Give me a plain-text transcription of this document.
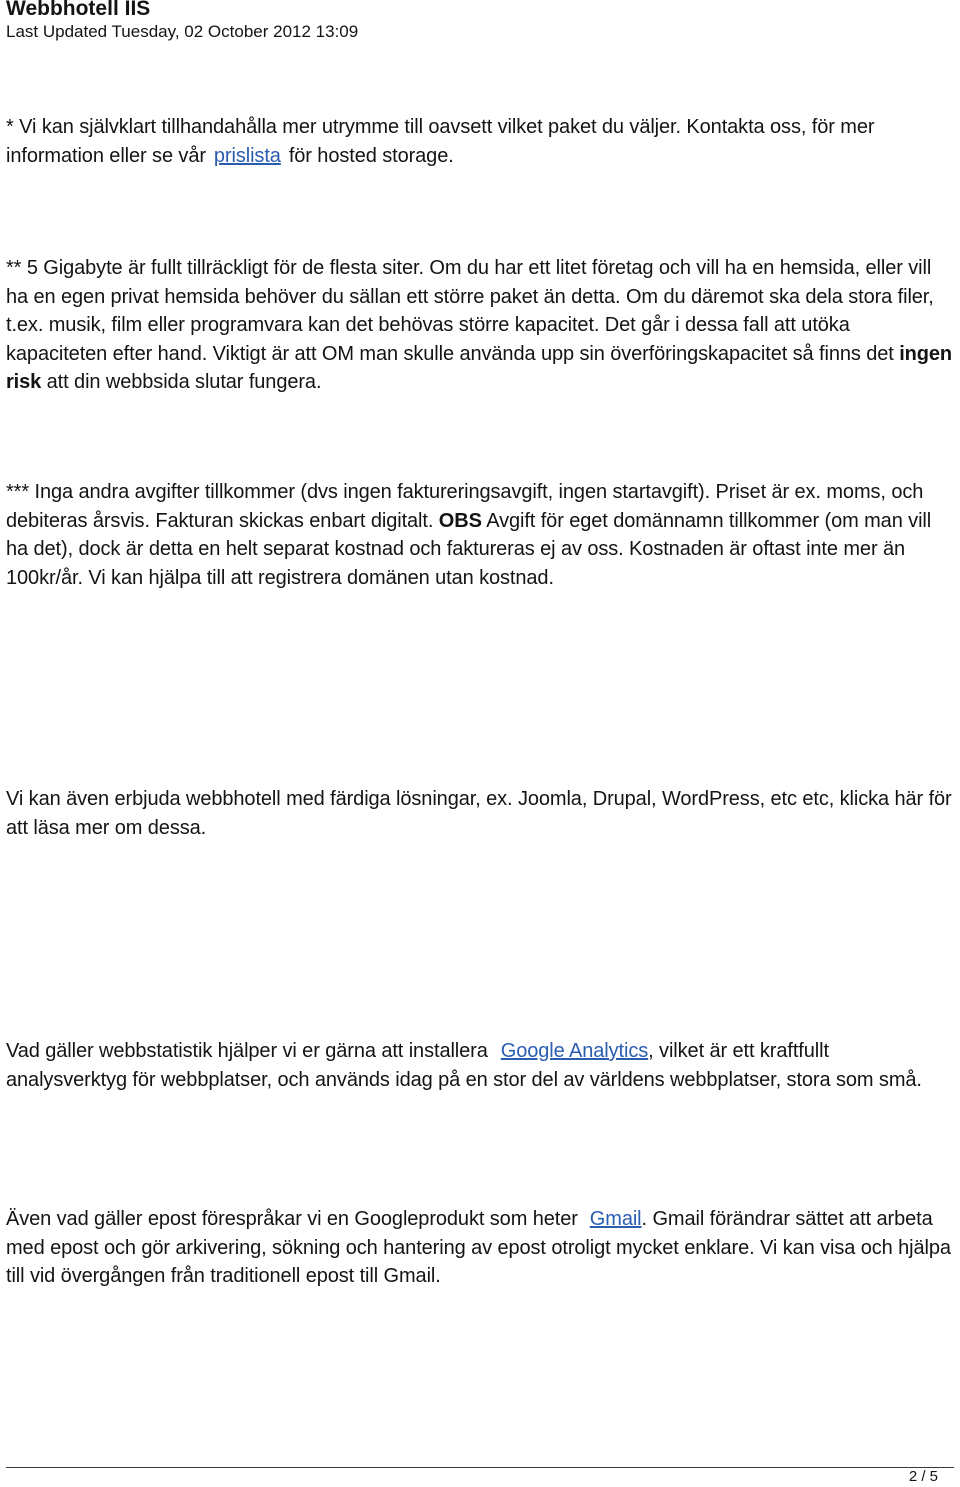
Webbhotell IIS
Last Updated Tuesday, 02 October 2012 13:09

* Vi kan självklart tillhandahålla mer utrymme till oavsett vilket paket du väljer. Kontakta oss, för mer information eller se vår prislista för hosted storage.

** 5 Gigabyte är fullt tillräckligt för de flesta siter. Om du har ett litet företag och vill ha en hemsida, eller vill ha en egen privat hemsida behöver du sällan ett större paket än detta. Om du däremot ska dela stora filer, t.ex. musik, film eller programvara kan det behövas större kapacitet. Det går i dessa fall att utöka kapaciteten efter hand. Viktigt är att OM man skulle använda upp sin överföringskapacitet så finns det ingen risk att din webbsida slutar fungera.

*** Inga andra avgifter tillkommer (dvs ingen faktureringsavgift, ingen startavgift). Priset är ex. moms, och debiteras årsvis. Fakturan skickas enbart digitalt. OBS Avgift för eget domännamn tillkommer (om man vill ha det), dock är detta en helt separat kostnad och faktureras ej av oss. Kostnaden är oftast inte mer än 100kr/år. Vi kan hjälpa till att registrera domänen utan kostnad.

Vi kan även erbjuda webbhotell med färdiga lösningar, ex. Joomla, Drupal, WordPress, etc etc, klicka här för att läsa mer om dessa.

Vad gäller webbstatistik hjälper vi er gärna att installera Google Analytics, vilket är ett kraftfullt analysverktyg för webbplatser, och används idag på en stor del av världens webbplatser, stora som små.

Även vad gäller epost förespråkar vi en Googleprodukt som heter Gmail. Gmail förändrar sättet att arbeta med epost och gör arkivering, sökning och hantering av epost otroligt mycket enklare. Vi kan visa och hjälpa till vid övergången från traditionell epost till Gmail.

2 / 5
